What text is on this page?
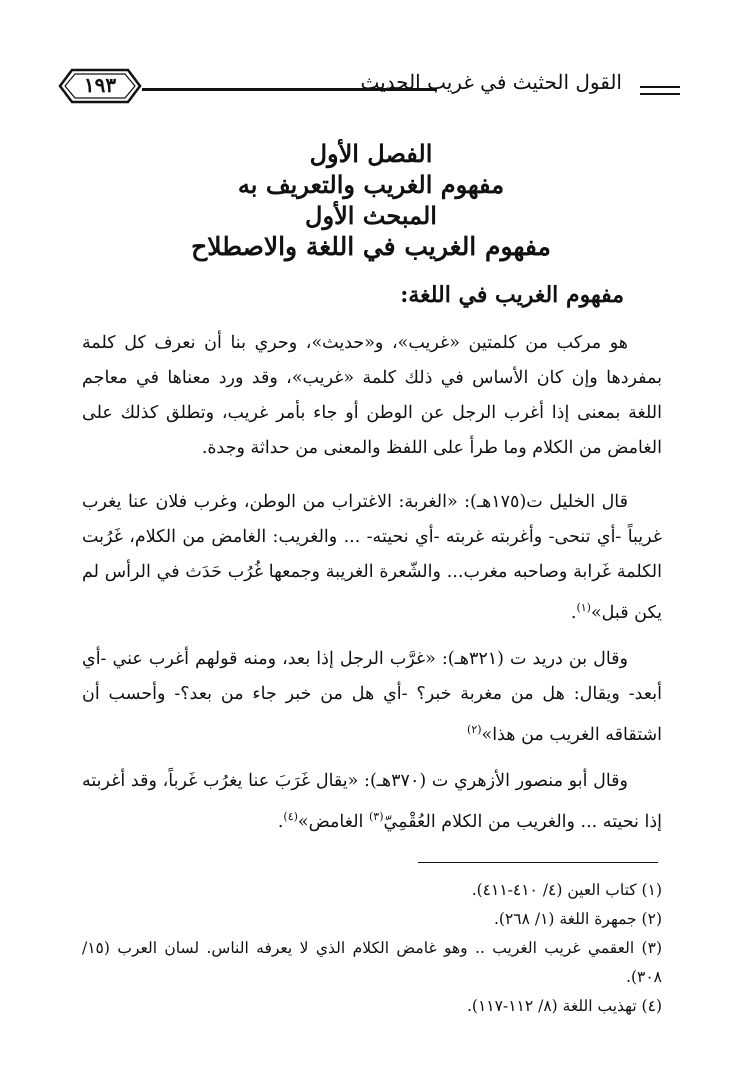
١٩٣	القول الحثيث في غريب الحديث
الفصل الأول
مفهوم الغريب والتعريف به
المبحث الأول
مفهوم الغريب في اللغة والاصطلاح
مفهوم الغريب في اللغة:
هو مركب من كلمتين «غريب»، و«حديث»، وحري بنا أن نعرف كل كلمة بمفردها وإن كان الأساس في ذلك كلمة «غريب»، وقد ورد معناها في معاجم اللغة بمعنى إذا أغرب الرجل عن الوطن أو جاء بأمر غريب، وتطلق كذلك على الغامض من الكلام وما طرأ على اللفظ والمعنى من حداثة وجدة.
قال الخليل ت(١٧٥هـ): «الغربة: الاغتراب من الوطن، وغرب فلان عنا يغرب غريباً -أي تنحى- وأغربته غربته -أي نحيته- ... والغريب: الغامض من الكلام، غَرُبت الكلمة غَرابة وصاحبه مغرب... والشّعرة الغريبة وجمعها غُرُب حَدَث في الرأس لم يكن قبل»$^{(١)}$.
وقال بن دريد ت (٣٢١هـ): «غرَّب الرجل إذا بعد، ومنه قولهم أغرب عني -أي أبعد- ويقال: هل من مغربة خبر؟ -أي هل من خبر جاء من بعد؟- وأحسب أن اشتقاقه الغريب من هذا»$^{(٢)}$
وقال أبو منصور الأزهري ت (٣٧٠هـ): «يقال غَرَبَ عنا يغرُب غَرباً، وقد أغربته إذا نحيته ... والغريب من الكلام العُقْمِيّ$^{(٣)}$ الغامض»$^{(٤)}$.
(١) كتاب العين (٤/ ٤١٠-٤١١).
(٢) جمهرة اللغة (١/ ٢٦٨).
(٣) العقمي غريب الغريب .. وهو غامض الكلام الذي لا يعرفه الناس. لسان العرب (١٥/ ٣٠٨).
(٤) تهذيب اللغة (٨/ ١١٢-١١٧).
